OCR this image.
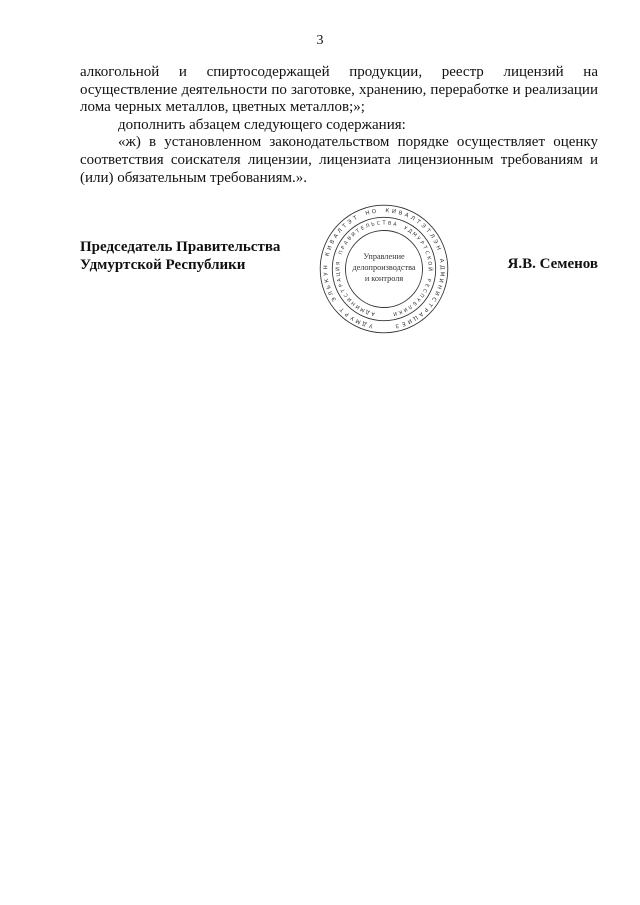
3

алкогольной и спиртосодержащей продукции, реестр лицензий на осуществление деятельности по заготовке, хранению, переработке и реализации лома черных металлов, цветных металлов;»;

дополнить абзацем следующего содержания:

«ж) в установленном законодательством порядке осуществляет оценку соответствия соискателя лицензии, лицензиата лицензионным требованиям и (или) обязательным требованиям.».

Председатель Правительства
Удмуртской Республики	Я.В. Семенов
У
Д
М
У
Р
Т
Э
Л
Ь
К
У
Н
К
И
В
А
Л
Т
Э
Т
Н О К И В А Л Т
Э
Т
Л
Э
Н
А
Д
М
И
Н
И
С
Т
Р
А
Ц
И
Е
З
А
Д
М
И
Н
И
С
Т
Р
А
Ц
И
Я
П
Р
А
В
И
Т
Е Л Ь С Т В А
У
Д
М
У
Р
Т
С
К
О
Й
Р
Е
С
П
У
Б
Л
И
К
И
Управление
делопроизводства
и контроля
